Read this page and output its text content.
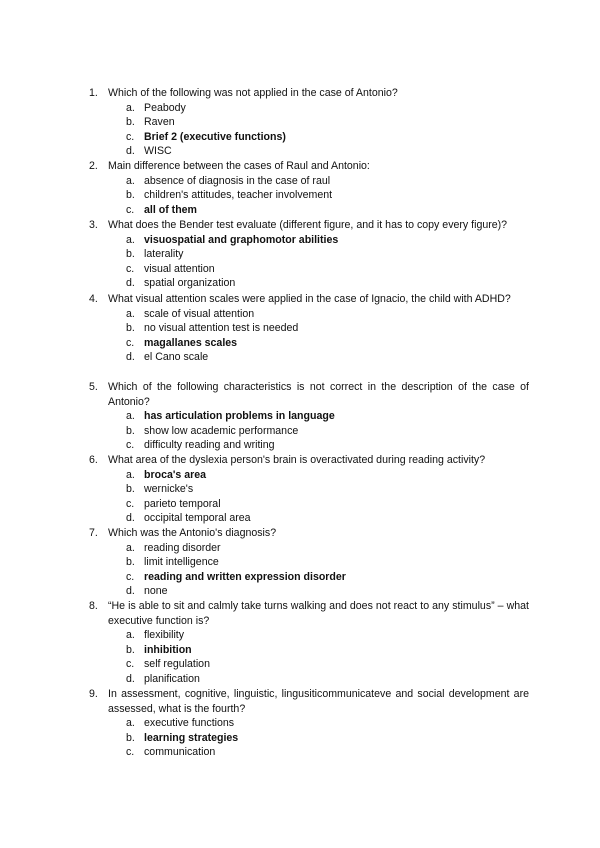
1. Which of the following was not applied in the case of Antonio?
a. Peabody
b. Raven
c. Brief 2 (executive functions)
d. WISC
2. Main difference between the cases of Raul and Antonio:
a. absence of diagnosis in the case of raul
b. children's attitudes, teacher involvement
c. all of them
3. What does the Bender test evaluate (different figure, and it has to copy every figure)?
a. visuospatial and graphomotor abilities
b. laterality
c. visual attention
d. spatial organization
4. What visual attention scales were applied in the case of Ignacio, the child with ADHD?
a. scale of visual attention
b. no visual attention test is needed
c. magallanes scales
d. el Cano scale
5. Which of the following characteristics is not correct in the description of the case of Antonio?
a. has articulation problems in language
b. show low academic performance
c. difficulty reading and writing
6. What area of the dyslexia person's brain is overactivated during reading activity?
a. broca's area
b. wernicke's
c. parieto temporal
d. occipital temporal area
7. Which was the Antonio's diagnosis?
a. reading disorder
b. limit intelligence
c. reading and written expression disorder
d. none
8. “He is able to sit and calmly take turns walking and does not react to any stimulus” – what executive function is?
a. flexibility
b. inhibition
c. self regulation
d. planification
9. In assessment, cognitive, linguistic, lingusiticommunicateve and social development are assessed, what is the fourth?
a. executive functions
b. learning strategies
c. communication
